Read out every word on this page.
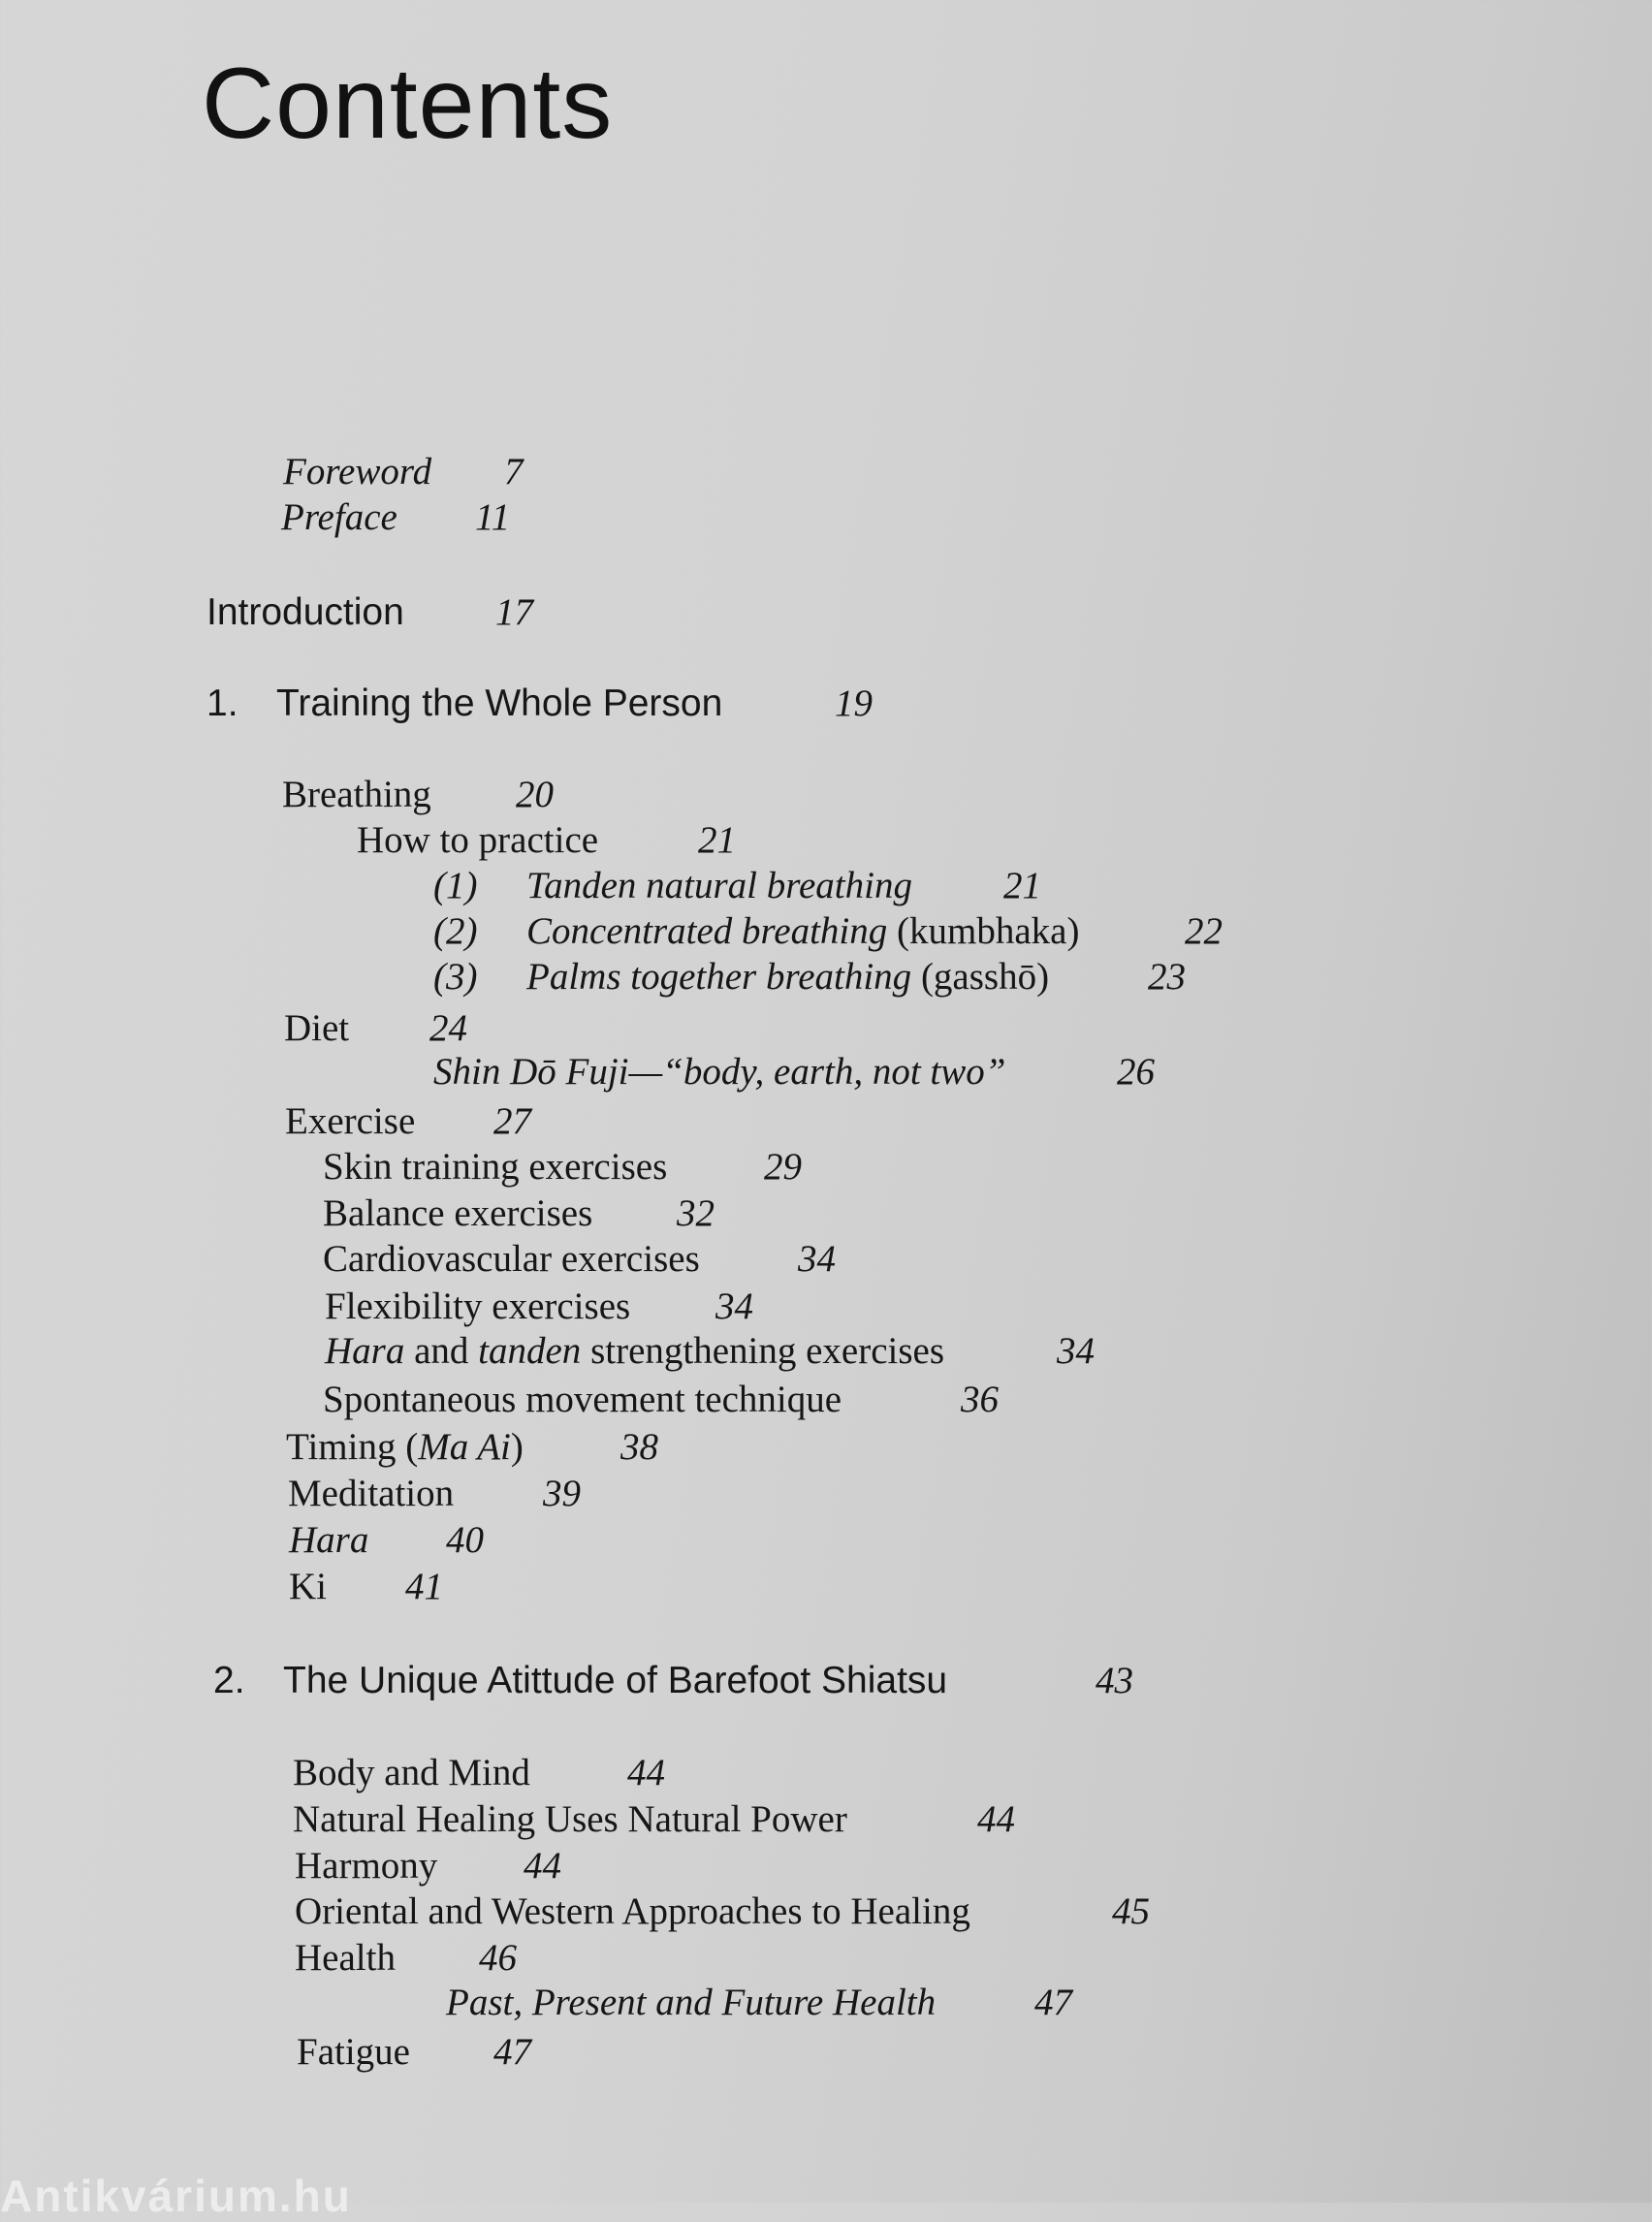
Contents
Foreword 7
Preface 11
Introduction 17
1. Training the Whole Person	19
Breathing 20
How to practice	21
(1) Tanden natural breathing 21
(2) Concentrated breathing (kumbhaka)	22
(3) Palms together breathing (gasshō)	23
Diet 24
Shin Dō Fuji—“body, earth, not two”	26
Exercise 27
Skin training exercises	29
Balance exercises 32
Cardiovascular exercises	34
Flexibility exercises 34
Hara and tanden strengthening exercises	34
Spontaneous movement technique	36
Timing (Ma Ai)	38
Meditation 39
Hara 40
Ki 41
2. The Unique Atittude of Barefoot Shiatsu	43
Body and Mind	44
Natural Healing Uses Natural Power	44
Harmony 44
Oriental and Western Approaches to Healing	45
Health 46
Past, Present and Future Health	47
Fatigue 47
Antikvárium.hu
